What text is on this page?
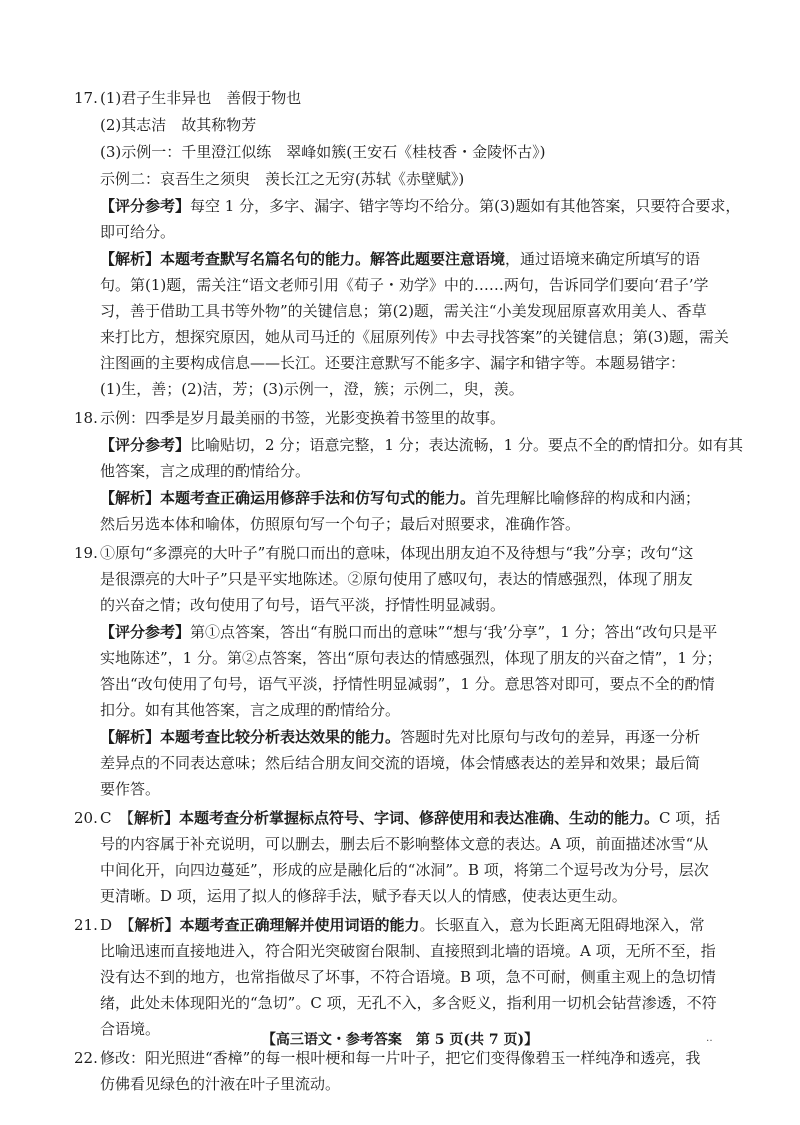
17. (1)君子生非异也　善假于物也
(2)其志洁　故其称物芳
(3)示例一：千里澄江似练　翠峰如簇(王安石《桂枝香・金陵怀古》)
示例二：哀吾生之须臾　羡长江之无穷(苏轼《赤壁赋》)
【评分参考】每空 1 分，多字、漏字、错字等均不给分。第(3)题如有其他答案，只要符合要求，
即可给分。
【解析】本题考查默写名篇名句的能力。解答此题要注意语境，通过语境来确定所填写的语
句。第(1)题，需关注“语文老师引用《荀子・劝学》中的……两句，告诉同学们要向‘君子’学
习，善于借助工具书等外物”的关键信息；第(2)题，需关注“小美发现屈原喜欢用美人、香草
来打比方，想探究原因，她从司马迁的《屈原列传》中去寻找答案”的关键信息；第(3)题，需关
注图画的主要构成信息——长江。还要注意默写不能多字、漏字和错字等。本题易错字：
(1)生，善；(2)洁，芳；(3)示例一，澄，簇；示例二，臾，羡。
18. 示例：四季是岁月最美丽的书签，光影变换着书签里的故事。
【评分参考】比喻贴切，2 分；语意完整，1 分；表达流畅，1 分。要点不全的酌情扣分。如有其
他答案，言之成理的酌情给分。
【解析】本题考查正确运用修辞手法和仿写句式的能力。首先理解比喻修辞的构成和内涵；
然后另选本体和喻体，仿照原句写一个句子；最后对照要求，准确作答。
19. ①原句“多漂亮的大叶子”有脱口而出的意味，体现出朋友迫不及待想与“我”分享；改句“这
是很漂亮的大叶子”只是平实地陈述。②原句使用了感叹句，表达的情感强烈，体现了朋友
的兴奋之情；改句使用了句号，语气平淡，抒情性明显减弱。
【评分参考】第①点答案，答出“有脱口而出的意味”“想与‘我’分享”，1 分；答出“改句只是平
实地陈述”，1 分。第②点答案，答出“原句表达的情感强烈，体现了朋友的兴奋之情”，1 分；
答出“改句使用了句号，语气平淡，抒情性明显减弱”，1 分。意思答对即可，要点不全的酌情
扣分。如有其他答案，言之成理的酌情给分。
【解析】本题考查比较分析表达效果的能力。答题时先对比原句与改句的差异，再逐一分析
差异点的不同表达意味；然后结合朋友间交流的语境，体会情感表达的差异和效果；最后简
要作答。
20. C　【解析】本题考查分析掌握标点符号、字词、修辞使用和表达准确、生动的能力。C 项，括
号的内容属于补充说明，可以删去，删去后不影响整体文意的表达。A 项，前面描述冰雪“从
中间化开，向四边蔓延”，形成的应是融化后的“冰洞”。B 项，将第二个逗号改为分号，层次
更清晰。D 项，运用了拟人的修辞手法，赋予春天以人的情感，使表达更生动。
21. D　【解析】本题考查正确理解并使用词语的能力。长驱直入，意为长距离无阻碍地深入，常
比喻迅速而直接地进入，符合阳光突破窗台限制、直接照到北墙的语境。A 项，无所不至，指
没有达不到的地方，也常指做尽了坏事，不符合语境。B 项，急不可耐，侧重主观上的急切情
绪，此处未体现阳光的“急切”。C 项，无孔不入，多含贬义，指利用一切机会钻营渗透，不符
合语境。
22. 修改：阳光照进“香樟”的每一根叶梗和每一片叶子，把它们变得像碧玉一样纯净和透亮，我
仿佛看见绿色的汁液在叶子里流动。
【高三语文・参考答案　第 5 页(共 7 页)】	‥
